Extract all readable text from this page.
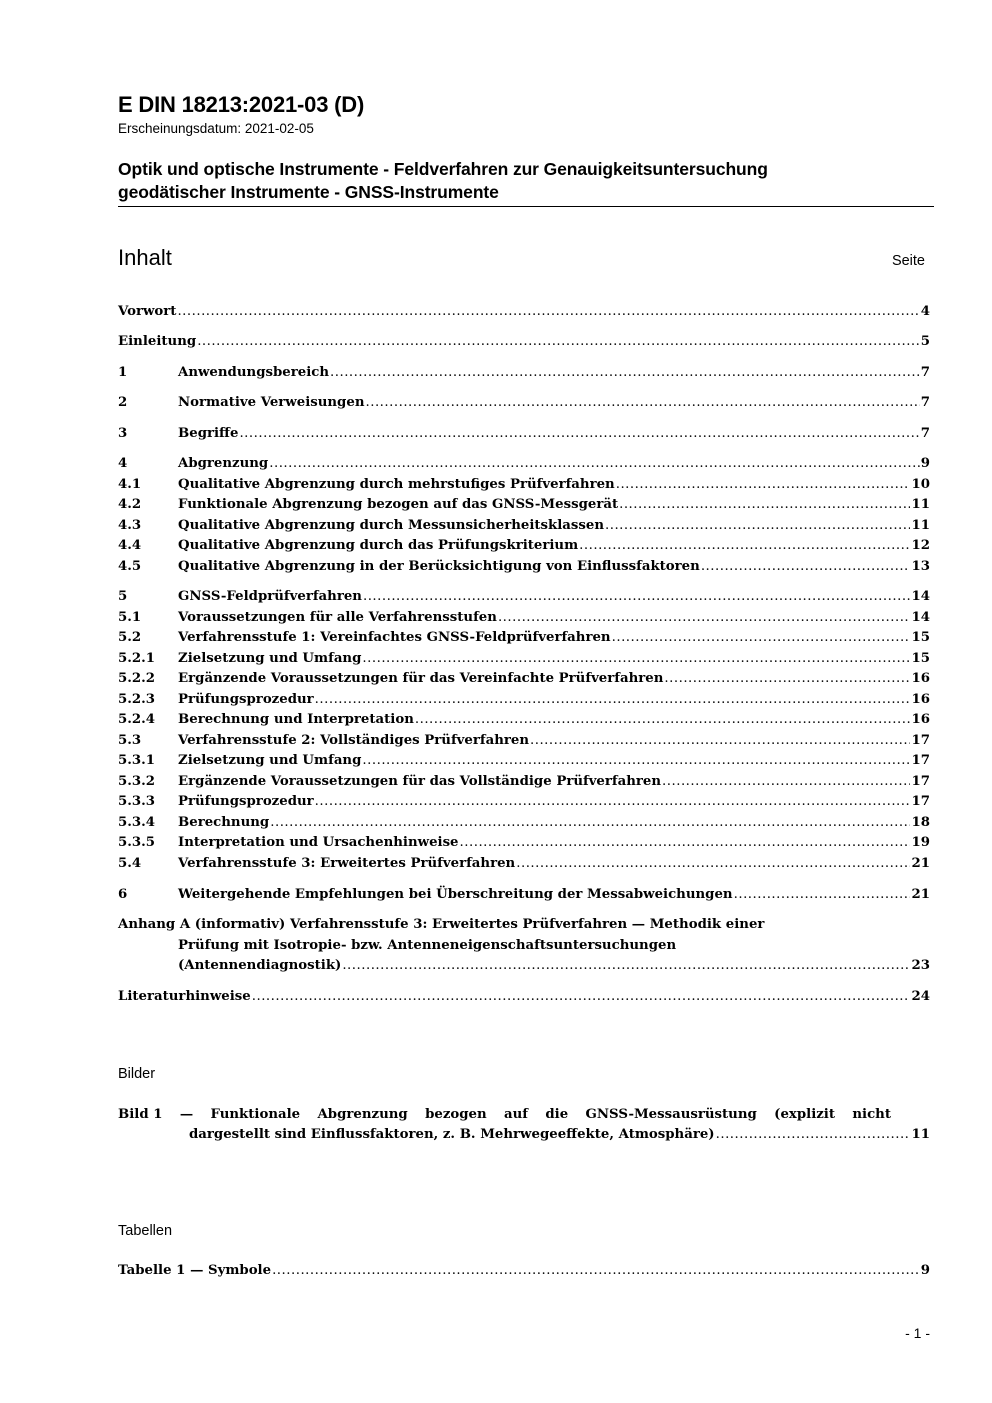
E DIN 18213:2021-03 (D)
Erscheinungsdatum: 2021-02-05
Optik und optische Instrumente - Feldverfahren zur Genauigkeitsuntersuchung
geodätischer Instrumente - GNSS-Instrumente
Inhalt	Seite
Vorwort .....	4
Einleitung .....	5
1	Anwendungsbereich .....	7
2	Normative Verweisungen .....	7
3	Begriffe .....	7
4	Abgrenzung .....	9
4.1	Qualitative Abgrenzung durch mehrstufiges Prüfverfahren .....	10
4.2	Funktionale Abgrenzung bezogen auf das GNSS-Messgerät .....	11
4.3	Qualitative Abgrenzung durch Messunsicherheitsklassen .....	11
4.4	Qualitative Abgrenzung durch das Prüfungskriterium .....	12
4.5	Qualitative Abgrenzung in der Berücksichtigung von Einflussfaktoren .....	13
5	GNSS-Feldprüfverfahren .....	14
5.1	Voraussetzungen für alle Verfahrensstufen .....	14
5.2	Verfahrensstufe 1: Vereinfachtes GNSS-Feldprüfverfahren .....	15
5.2.1	Zielsetzung und Umfang .....	15
5.2.2	Ergänzende Voraussetzungen für das Vereinfachte Prüfverfahren .....	16
5.2.3	Prüfungsprozedur .....	16
5.2.4	Berechnung und Interpretation .....	16
5.3	Verfahrensstufe 2: Vollständiges Prüfverfahren .....	17
5.3.1	Zielsetzung und Umfang .....	17
5.3.2	Ergänzende Voraussetzungen für das Vollständige Prüfverfahren .....	17
5.3.3	Prüfungsprozedur .....	17
5.3.4	Berechnung .....	18
5.3.5	Interpretation und Ursachenhinweise .....	19
5.4	Verfahrensstufe 3: Erweitertes Prüfverfahren .....	21
6	Weitergehende Empfehlungen bei Überschreitung der Messabweichungen .....	21
Anhang A (informativ) Verfahrensstufe 3: Erweitertes Prüfverfahren — Methodik einer
Prüfung mit Isotropie- bzw. Antenneneigenschaftsuntersuchungen
(Antennendiagnostik) .....	23
Literaturhinweise .....	24
Bilder
Bild 1 — Funktionale Abgrenzung bezogen auf die GNSS-Messausrüstung (explizit nicht
dargestellt sind Einflussfaktoren, z. B. Mehrwegeeffekte, Atmosphäre) .....	11
Tabellen
Tabelle 1 — Symbole .....	9
- 1 -
